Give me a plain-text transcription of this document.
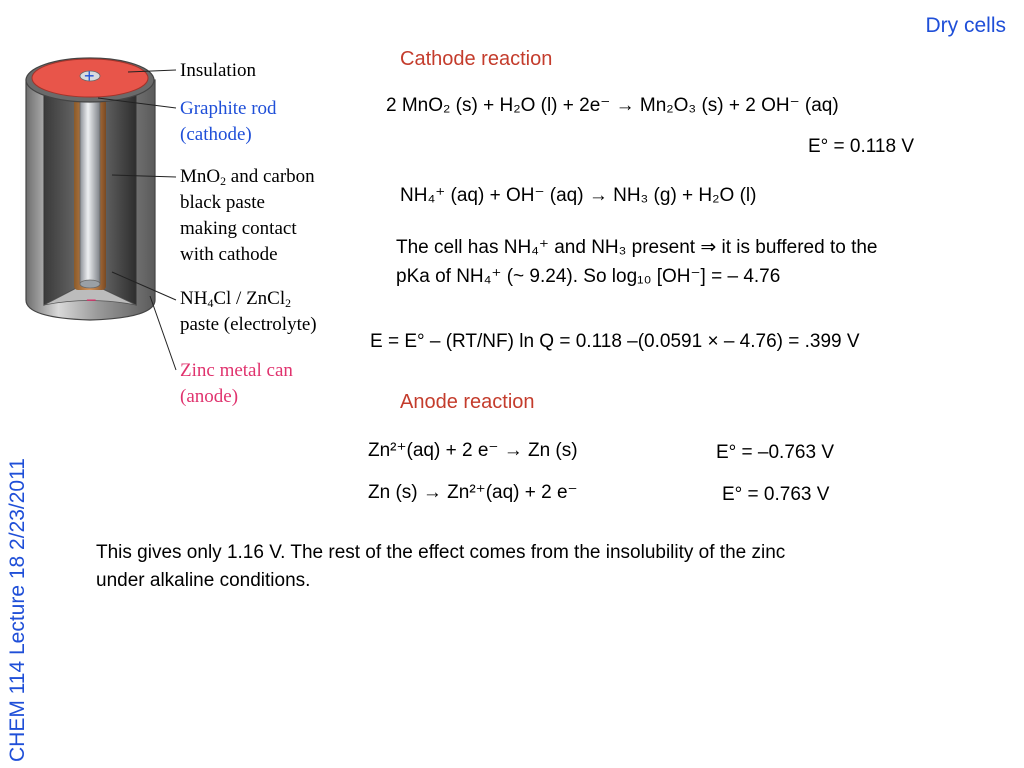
Dry cells
CHEM 114 Lecture 18 2/23/2011
+
−
Insulation
Graphite rod
(cathode)
MnO$_2$ and carbon
black paste
making contact
with cathode
$NH_4Cl$ / ZnCl$_2$
paste (electrolyte)
Zinc metal can
(anode)
Cathode reaction
2 MnO₂ (s) + H₂O (l) + 2e⁻ → Mn₂O₃ (s) + 2 OH⁻ (aq)
E° = 0.118 V
NH₄⁺ (aq) + OH⁻ (aq) → NH₃ (g) + H₂O (l)
The cell has NH₄⁺ and NH₃ present ⇒ it is buffered to the
pKa of NH₄⁺ (~ 9.24). So log₁₀ [OH⁻] = – 4.76
E = E° – (RT/NF) ln Q = 0.118 –(0.0591 × – 4.76) = .399 V
Anode reaction
Zn²⁺(aq) + 2 e⁻ → Zn (s)	E° = –0.763 V
Zn (s) → Zn²⁺(aq) + 2 e⁻	E° = 0.763 V
This gives only 1.16 V. The rest of the effect comes from the insolubility of the zinc
under alkaline conditions.
